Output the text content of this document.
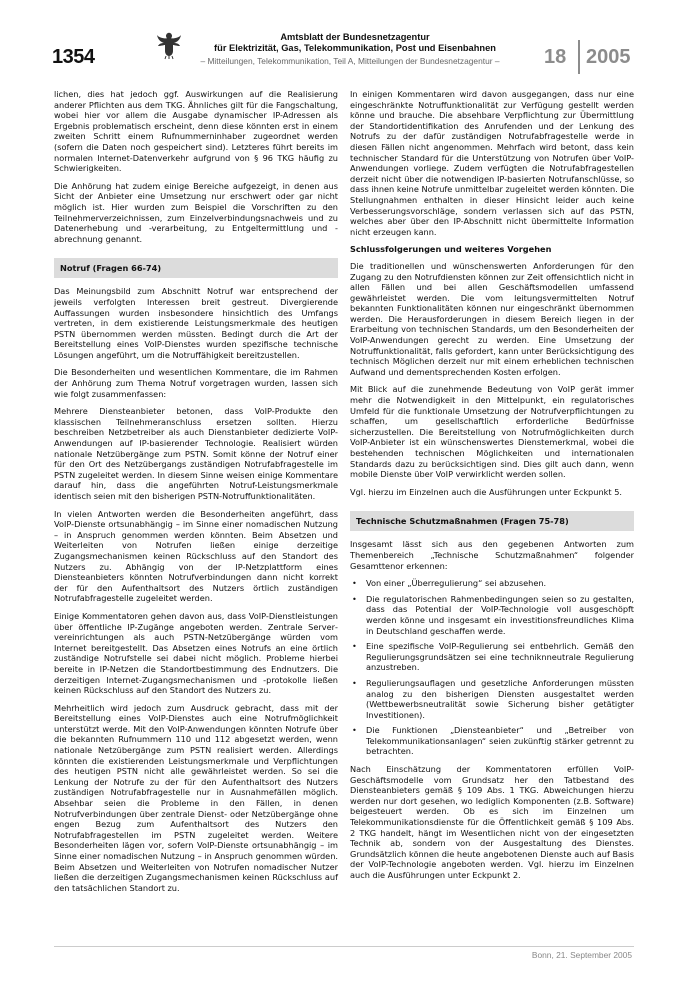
1354
Amtsblatt der Bundesnetzagentur
für Elektrizität, Gas, Telekommunikation, Post und Eisenbahnen
– Mitteilungen, Telekommunikation, Teil A, Mitteilungen der Bundesnetzagentur –	18 2005

lichen, dies hat jedoch ggf. Auswirkungen auf die Realisierung anderer Pflichten aus dem TKG. Ähnliches gilt für die Fangschaltung, wobei hier vor allem die Ausgabe dynamischer IP-Adressen als Ergebnis problematisch erscheint, denn diese könnten erst in einem zweiten Schritt einem Rufnummerninhaber zugeordnet werden (sofern die Daten noch gespeichert sind). Letzteres führt bereits im normalen Internet-Datenverkehr aufgrund von § 96 TKG häufig zu Schwierigkeiten.

Die Anhörung hat zudem einige Bereiche aufgezeigt, in denen aus Sicht der Anbieter eine Umsetzung nur erschwert oder gar nicht möglich ist. Hier wurden zum Beispiel die Vorschriften zu den Teilnehmerverzeichnissen, zum Einzelverbindungsnachweis und zu Datenerhebung und -verarbeitung, zu Entgeltermittlung und -abrechnung genannt.

Notruf (Fragen 66-74)

Das Meinungsbild zum Abschnitt Notruf war entsprechend der jeweils verfolgten Interessen breit gestreut. Divergierende Auffassungen wurden insbesondere hinsichtlich des Umfangs vertreten, in dem existierende Leistungsmerkmale des heutigen PSTN übernommen werden müssten. Bedingt durch die Art der Bereitstellung eines VoIP-Dienstes wurden spezifische technische Lösungen angeführt, um die Notruffähigkeit bereitzustellen.

Die Besonderheiten und wesentlichen Kommentare, die im Rahmen der Anhörung zum Thema Notruf vorgetragen wurden, lassen sich wie folgt zusammenfassen:

Mehrere Diensteanbieter betonen, dass VoIP-Produkte den klassischen Teilnehmeranschluss ersetzen sollten. Hierzu beschreiben Netzbetreiber als auch Dienstanbieter dedizierte VoIP-Anwendungen auf IP-basierender Technologie. Realisiert würden nationale Netzübergänge zum PSTN. Somit könne der Notruf einer für den Ort des Netzübergangs zuständigen Notrufabfragestelle im PSTN zugeleitet werden. In diesem Sinne weisen einige Kommentare darauf hin, dass die angeführten Notruf-Leistungsmerkmale identisch seien mit den bisherigen PSTN-Notruffunktionalitäten.

In vielen Antworten werden die Besonderheiten angeführt, dass VoIP-Dienste ortsunabhängig – im Sinne einer nomadischen Nutzung – in Anspruch genommen werden könnten. Beim Absetzen und Weiterleiten von Notrufen ließen einige derzeitige Zugangsmechanismen keinen Rückschluss auf den Standort des Nutzers zu. Abhängig von der IP-Netzplattform eines Diensteanbieters könnten Notrufverbindungen dann nicht korrekt der für den Aufenthaltsort des Nutzers örtlich zuständigen Notrufabfragestelle zugeleitet werden.

Einige Kommentatoren gehen davon aus, dass VoIP-Dienstleistungen über öffentliche IP-Zugänge angeboten werden. Zentrale Serververeinrichtungen als auch PSTN-Netzübergänge würden vom Internet bereitgestellt. Das Absetzen eines Notrufs an eine örtlich zuständige Notrufstelle sei dabei nicht möglich. Probleme hierbei bereite in IP-Netzen die Standortbestimmung des Endnutzers. Die derzeitigen Internet-Zugangsmechanismen und -protokolle ließen keinen Rückschluss auf den Standort des Nutzers zu.

Mehrheitlich wird jedoch zum Ausdruck gebracht, dass mit der Bereitstellung eines VoIP-Dienstes auch eine Notrufmöglichkeit unterstützt werde. Mit den VoIP-Anwendungen könnten Notrufe über die bekannten Rufnummern 110 und 112 abgesetzt werden, wenn nationale Netzübergänge zum PSTN realisiert werden. Allerdings könnten die existierenden Leistungsmerkmale und Verpflichtungen des heutigen PSTN nicht alle gewährleistet werden. So sei die Lenkung der Notrufe zu der für den Aufenthaltsort des Nutzers zuständigen Notrufabfragestelle nur in Ausnahmefällen möglich. Absehbar seien die Probleme in den Fällen, in denen Notrufverbindungen über zentrale Dienst- oder Netzübergänge ohne engen Bezug zum Aufenthaltsort des Nutzers den Notrufabfragestellen im PSTN zugeleitet werden. Weitere Besonderheiten lägen vor, sofern VoIP-Dienste ortsunabhängig – im Sinne einer nomadischen Nutzung – in Anspruch genommen würden. Beim Absetzen und Weiterleiten von Notrufen nomadischer Nutzer ließen die derzeitigen Zugangsmechanismen keinen Rückschluss auf den tatsächlichen Standort zu.

In einigen Kommentaren wird davon ausgegangen, dass nur eine eingeschränkte Notruffunktionalität zur Verfügung gestellt werden könne und brauche. Die absehbare Verpflichtung zur Übermittlung der Standortidentifikation des Anrufenden und der Lenkung des Notrufs zu der dafür zuständigen Notrufabfragestelle werde in diesen Fällen nicht angenommen. Mehrfach wird betont, dass kein technischer Standard für die Unterstützung von Notrufen über VoIP-Anwendungen vorliege. Zudem verfügten die Notrufabfragestellen derzeit nicht über die notwendigen IP-basierten Notrufanschlüsse, so dass ihnen keine Notrufe unmittelbar zugeleitet werden könnten. Die Stellungnahmen enthalten in dieser Hinsicht leider auch keine Verbesserungsvorschläge, sondern verlassen sich auf das PSTN, welches aber über den IP-Abschnitt nicht übermittelte Information nicht erzeugen kann.

Schlussfolgerungen und weiteres Vorgehen

Die traditionellen und wünschenswerten Anforderungen für den Zugang zu den Notrufdiensten können zur Zeit offensichtlich nicht in allen Fällen und bei allen Geschäftsmodellen umfassend gewährleistet werden. Die vom leitungsvermittelten Notruf bekannten Funktionalitäten können nur eingeschränkt übernommen werden. Die Herausforderungen in diesem Bereich liegen in der Erarbeitung von technischen Standards, um den Besonderheiten der VoIP-Anwendungen gerecht zu werden. Eine Umsetzung der Notruffunktionalität, falls gefordert, kann unter Berücksichtigung des technisch Möglichen derzeit nur mit einem erheblichen technischen Aufwand und dementsprechenden Kosten erfolgen.

Mit Blick auf die zunehmende Bedeutung von VoIP gerät immer mehr die Notwendigkeit in den Mittelpunkt, ein regulatorisches Umfeld für die funktionale Umsetzung der Notrufverpflichtungen zu schaffen, um gesellschaftlich erforderliche Bedürfnisse sicherzustellen. Die Bereitstellung von Notrufmöglichkeiten durch VoIP-Anbieter ist ein wünschenswertes Dienstemerkmal, wobei die bestehenden technischen Möglichkeiten und internationalen Standards dazu zu berücksichtigen sind. Dies gilt auch dann, wenn mobile Dienste über VoIP verwirklicht werden sollen.

Vgl. hierzu im Einzelnen auch die Ausführungen unter Eckpunkt 5.

Technische Schutzmaßnahmen (Fragen 75-78)

Insgesamt lässt sich aus den gegebenen Antworten zum Themenbereich „Technische Schutzmaßnahmen“ folgender Gesamttenor erkennen:

• Von einer „Überregulierung“ sei abzusehen.
• Die regulatorischen Rahmenbedingungen seien so zu gestalten, dass das Potential der VoIP-Technologie voll ausgeschöpft werden könne und insgesamt ein investitionsfreundliches Klima in Deutschland geschaffen werde.
• Eine spezifische VoIP-Regulierung sei entbehrlich. Gemäß den Regulierungsgrundsätzen sei eine techniknneutrale Regulierung anzustreben.
• Regulierungsauflagen und gesetzliche Anforderungen müssten analog zu den bisherigen Diensten ausgestaltet werden (Wettbewerbsneutralität sowie Sicherung bisher getätigter Investitionen).
• Die Funktionen „Diensteanbieter“ und „Betreiber von Telekommunikationsanlagen“ seien zukünftig stärker getrennt zu betrachten.

Nach Einschätzung der Kommentatoren erfüllen VoIP-Geschäftsmodelle vom Grundsatz her den Tatbestand des Diensteanbieters gemäß § 109 Abs. 1 TKG. Abweichungen hierzu werden nur dort gesehen, wo lediglich Komponenten (z.B. Software) beigesteuert werden. Ob es sich im Einzelnen um Telekommunikationsdienste für die Öffentlichkeit gemäß § 109 Abs. 2 TKG handelt, hängt im Wesentlichen nicht von der eingesetzten Technik ab, sondern von der Ausgestaltung des Dienstes. Grundsätzlich können die heute angebotenen Dienste auch auf Basis der VoIP-Technologie angeboten werden. Vgl. hierzu im Einzelnen auch die Ausführungen unter Eckpunkt 2.

Bonn, 21. September 2005
